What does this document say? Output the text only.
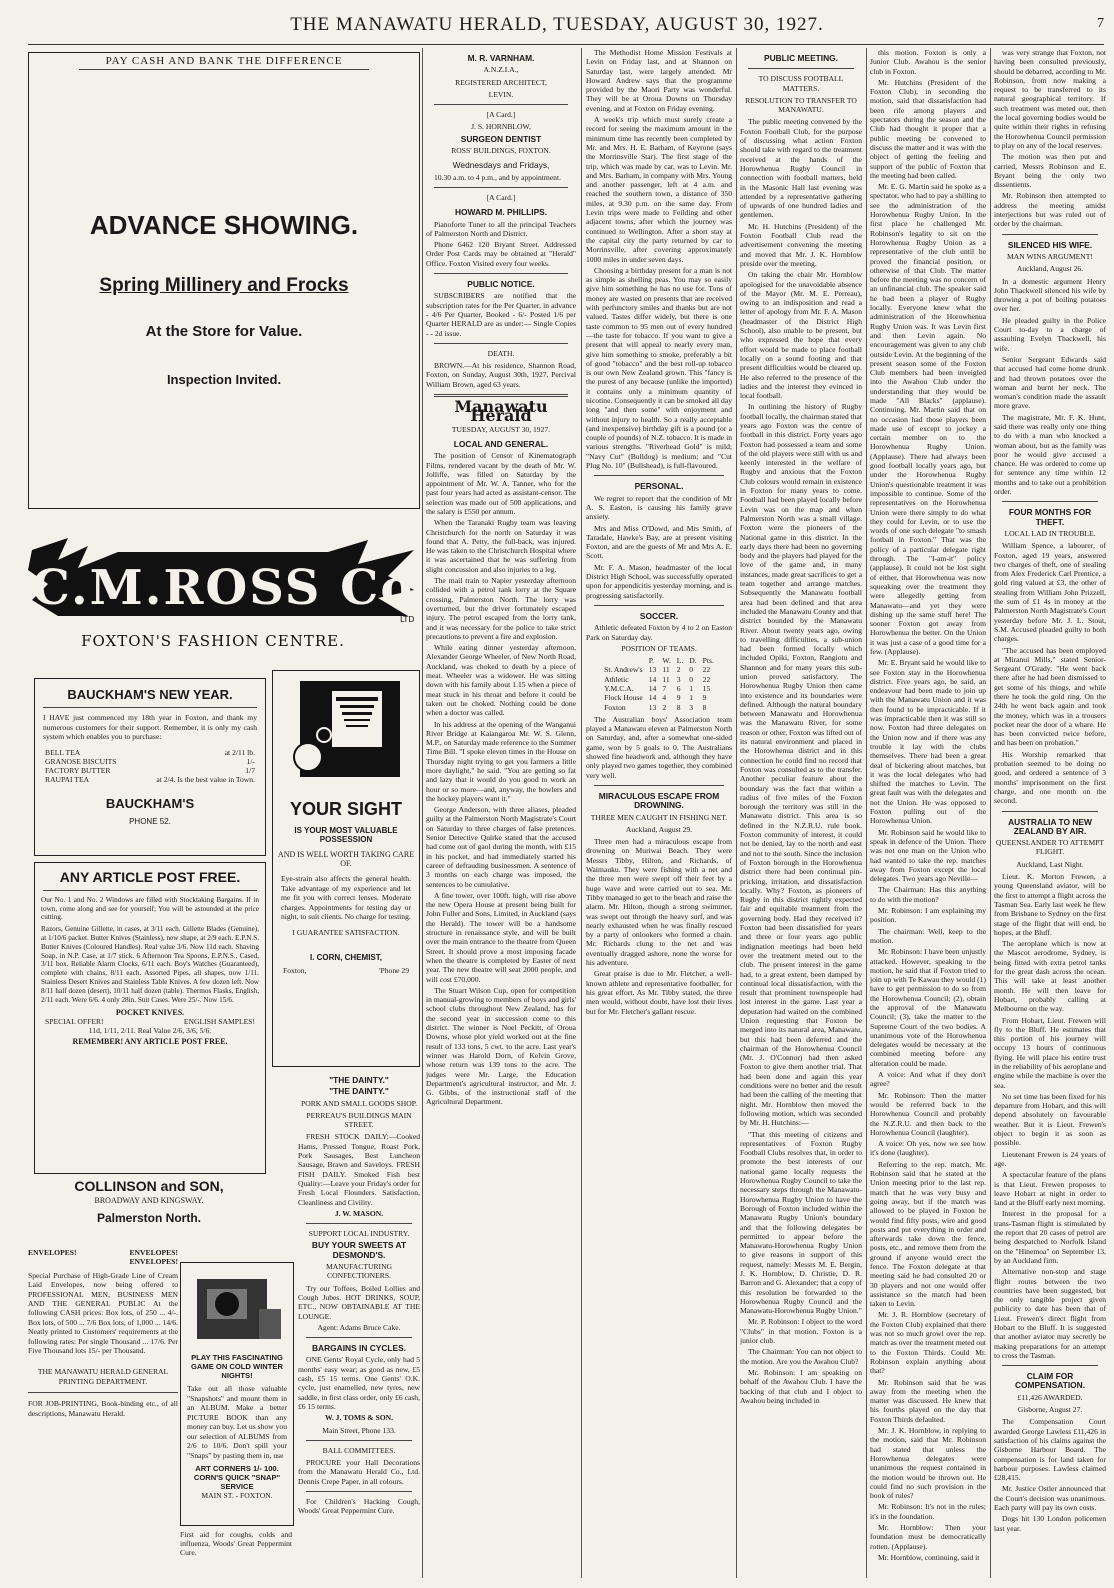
THE MANAWATU HERALD, TUESDAY, AUGUST 30, 1927.	7
PAY CASH AND BANK THE DIFFERENCE
ADVANCE SHOWING.
Spring Millinery and Frocks
At the Store for Value.
Inspection Invited.
C.M.ROSS Co
LTD
FOXTON'S FASHION CENTRE.
BAUCKHAM'S NEW YEAR.
I HAVE just commenced my 18th year in Foxton, and thank my numerous customers for their support. Remember, it is only my cash system which enables you to purchase:
BELL TEA	at 2/11 lb.
GRANOSE BISCUITS	1/-
FACTORY BUTTER	1/7
RAUPAI TEA	at 2/4. Is the best value in Town.
BAUCKHAM'S
PHONE 52.
ANY ARTICLE POST FREE.
Our No. 1 and No. 2 Windows are filled with Stocktaking Bargains. If in town, come along and see for yourself; You will be astounded at the price cutting.
Razors, Genuine Gillette, in cases, at 3/11 each. Gillette Blades (Genuine), at 1/10/6 packet. Butter Knives (Stainless), new shape, at 2/9 each. E.P.N.S. Butter Knives (Coloured Handles). Real value 3/6. Now 11d each. Shaving Soap, in N.P. Case, at 1/7 stick. 6 Afternoon Tea Spoons, E.P.N.S., Cased, 3/11 box. Reliable Alarm Clocks, 6/11 each. Boy's Watches (Guaranteed), complete with chains, 8/11 each. Assorted Pipes, all shapes, now 1/11. Stainless Desert Knives and Stainless Table Knives. A few dozen left. Now 8/11 half dozen (desert), 10/11 half dozen (table). Thermos Flasks, English, 2/11 each. Were 6/6. 4 only 28in. Suit Cases. Were 25/-. Now 15/6.
POCKET KNIVES.
SPECIAL OFFER!	ENGLISH SAMPLES!
11d, 1/11, 2/11. Real Value 2/6, 3/6, 5/6.
REMEMBER! ANY ARTICLE POST FREE.
COLLINSON and SON,
BROADWAY AND KINGSWAY.
Palmerston North.
ENVELOPES!	ENVELOPES!
ENVELOPES!
Special Purchase of High-Grade Line of Cream Laid Envelopes, now being offered to PROFESSIONAL MEN, BUSINESS MEN AND THE GENERAL PUBLIC At the following CASH prices: Box lots, of 250 ... 4/-. Box lots, of 500 ... 7/6 Box lots, of 1,000 ... 14/6. Neatly printed to Customers' requirements at the following rates: Per single Thousand ... 17/6. Per Five Thousand lots 15/- per Thousand.
THE MANAWATU HERALD GENERAL PRINTING DEPARTMENT.
FOR JOB-PRINTING, Book-binding etc., of all descriptions, Manawatu Herald.
YOUR SIGHT
IS YOUR MOST VALUABLE POSSESSION
AND IS WELL WORTH TAKING CARE OF.
Eye-strain also affects the general health. Take advantage of my experience and let me fit you with correct lenses. Moderate charges. Appointments for testing day or night, to suit clients. No charge for testing.
I GUARANTEE SATISFACTION.
I. CORN, CHEMIST,
Foxton,	'Phone 29
PLAY THIS FASCINATING GAME ON COLD WINTER NIGHTS!
Take out all those valuable "Snapshots" and mount them in an ALBUM. Make a better PICTURE BOOK than any money can buy. Let us show you our selection of ALBUMS from 2/6 to 10/6. Don't spill your "Snaps" by pasting them in, use
ART CORNERS 1/- 100.
CORN'S QUICK "SNAP" SERVICE
MAIN ST. - FOXTON.
First aid for coughs, colds and influenza, Woods' Great Peppermint Cure.
M. R. VARNHAM.
A.N.Z.I.A.,
REGISTERED ARCHITECT,
LEVIN.
[A Card.]
J. S. HORNBLOW,
SURGEON DENTIST
ROSS' BUILDINGS, FOXTON.
Wednesdays and Fridays,

10.30 a.m. to 4 p.m., and by appointment.

[A Card.]
HOWARD M. PHILLIPS.

Pianoforte Tuner to all the principal Teachers of Palmerston North and District.

Phone 6462 120 Bryant Street. Addressed Order Post Cards may be obtained at "Herald" Office. Foxton Visited every four weeks.

PUBLIC NOTICE.

SUBSCRIBERS are notified that the subscription rates for the Per Quarter, in advance - 4/6 Per Quarter, Booked - 6/- Posted 1/6 per Quarter HERALD are as under:— Single Copies - - 2d issue.

DEATH.

BROWN.—At his residence, Shannon Road, Foxton, on Sunday, August 30th, 1927, Percival William Brown, aged 63 years.

Manawatu Herald
TUESDAY, AUGUST 30, 1927.
LOCAL AND GENERAL.

The position of Censor of Kinematograph Films, rendered vacant by the death of Mr. W. Jolliffe, was filled on Saturday by the appointment of Mr. W. A. Tanner, who for the past four years had acted as assistant-censor. The selection was made out of 500 applications, and the salary is £550 per annum.

When the Taranaki Rugby team was leaving Christchurch for the north on Saturday it was found that A. Petty, the full-back, was injured. He was taken to the Christchurch Hospital where it was ascertained that he was suffering from slight concussion and also injuries to a leg.

The mail train to Napier yesterday afternoon collided with a petrol tank lorry at the Square crossing, Palmerston North. The lorry was overturned, but the driver fortunately escaped injury. The petrol escaped from the lorry tank, and it was necessary for the police to take strict precautions to prevent a fire and explosion.

While eating dinner yesterday afternoon, Alexander George Wheeler, of New North Road, Auckland, was choked to death by a piece of meat. Wheeler was a widower. He was sitting down with his family about 1.15 when a piece of meat stuck in his throat and before it could be taken out he choked. Nothing could be done when a doctor was called.

In his address at the opening of the Wanganui River Bridge at Kaiangaroa Mr. W. S. Glenn, M.P., on Saturday made reference to the Summer Time Bill. "I spoke eleven times in the House on Thursday night trying to get you farmers a little more daylight," he said. "You are getting so fat and lazy that it would do you good to work an hour or so more—and, anyway, the bowlers and the hockey players want it."

George Anderson, with three aliases, pleaded guilty at the Palmerston North Magistrate's Court on Saturday to three charges of false pretences. Senior Detective Quirke stated that the accused had come out of gaol during the month, with £15 in his pocket, and had immediately started his career of defrauding businessmen. A sentence of 3 months on each charge was imposed, the sentences to be cumulative.

A fine tower, over 100ft. high, will rise above the new Opera House at present being built for John Fuller and Sons, Limited, in Auckland (says the Herald). The tower will be a handsome structure in renaissance style, and will be built over the main entrance to the theatre from Queen Street. It should prove a most imposing facade when the theatre is completed by Easter of next year. The new theatre will seat 2000 people, and will cost £70,000.

The Stuart Wilson Cup, open for competition in manual-growing to members of boys and girls' school clubs throughout New Zealand, has for the second year in succession come to this district. The winner is Noel Peckitt, of Oroua Downs, whose plot yield worked out at the fine result of 133 tons, 5 cwt. to the acre. Last year's winner was Harold Dorn, of Kelvin Grove, whose return was 139 tons to the acre. The judges were Mr. Large, the Education Department's agricultural instructor, and Mr. J. G. Gibbs, of the instructional staff of the Agricultural Department.

"THE DAINTY."
"THE DAINTY."
PORK AND SMALL GOODS SHOP.
PERREAU'S BUILDINGS MAIN STREET.

FRESH STOCK DAILY:—Cooked Hams, Pressed Tongue, Roast Pork, Pork Sausages, Best Luncheon Sausage, Brawn and Saveloys. FRESH FISH DAILY. Smoked Fish best Quality:—Leave your Friday's order for Fresh Local Flounders. Satisfaction, Cleanliness and Civility.

J. W. MASON.
SUPPORT LOCAL INDUSTRY.
BUY YOUR SWEETS AT DESMOND'S.
MANUFACTURING CONFECTIONERS.

Try our Toffees, Boiled Lollies and Cough Jubes. HOT DRINKS, SOUP, ETC., NOW OBTAINABLE AT THE LOUNGE.

Agent: Adams Bruce Cake.
BARGAINS IN CYCLES.

ONE Gents' Royal Cycle, only had 5 months' easy wear; as good as new, £5 cash, £5 15 terms. One Gents' O.K. cycle, just enamelled, new tyres, new saddle, in first class order, only £6 cash, £6 15 terms.

W. J. TOMS & SON.
Main Street, Phone 133.
BALL COMMITTEES.

PROCURE your Hall Decorations from the Manawatu Herald Co., Ltd. Dennis Crepe Paper, in all colours.

For Children's Hacking Cough, Woods' Great Peppermint Cure.

The Methodist Home Mission Festivals at Levin on Friday last, and at Shannon on Saturday last, were largely attended. Mr Howard Andrew says that the programme provided by the Maori Party was wonderful. They will be at Oroua Downs on Thursday evening, and at Foxton on Friday evening.

A week's trip which must surely create a record for seeing the maximum amount in the minimum time has recently been completed by Mr. and Mrs. H. E. Barham, of Keyrone (says the Morrinsville Star). The first stage of the trip, which was made by car, was to Levin. Mr. and Mrs. Barham, in company with Mrs. Young and another passenger, left at 4 a.m. and reached the southern town, a distance of 350 miles, at 9.30 p.m. on the same day. From Levin trips were made to Feilding and other adjacent towns, after which the journey was continued to Wellington. After a short stay at the capital city the party returned by car to Morrinsville, after covering approximately 1000 miles in under seven days.

Choosing a birthday present for a man is not as simple as shelling peas. You may so easily give him something he has no use for. Tons of money are wasted on presents that are received with perfunctory smiles and thanks but are not valued. Tastes differ widely, but there is one taste common to 95 men out of every hundred—the taste for tobacco. If you want to give a present that will appeal to nearly every man, give him something to smoke, preferably a bit of good "tobacco" and the best roll-up tobacco is our own New Zealand grown. This "fancy is the purest of any because (unlike the imported) it contains only a minimum quantity of nicotine. Consequently it can be smoked all day long "and then some" with enjoyment and without injury to health. So a really acceptable (and inexpensive) birthday gift is a pound (or a couple of pounds) of N.Z. tobacco. It is made in various strengths. "Riverhead Gold" is mild; "Navy Cut" (Bulldog) is medium; and "Cut Plug No. 10" (Bullshead), is full-flavoured.

PERSONAL.

We regret to report that the condition of Mr A. S. Easton, is causing his family grave anxiety.

Mrs and Miss O'Dowd, and Mrs Smith, of Taradale, Hawke's Bay, are at present visiting Foxton, and are the guests of Mr and Mrs A. E. Scott.

Mr. F. A. Mason, headmaster of the local District High School, was successfully operated upon for appendicitis yesterday morning, and is progressing satisfactorily.

SOCCER.

Athletic defeated Foxton by 4 to 2 on Easton Park on Saturday day.

POSITION OF TEAMS.
	P.	W.	L.	D.	Pts.
St. Andrew's	13	11	2	0	22
Athletic	14	11	3	0	22
Y.M.C.A.	14	7	6	1	15
Flock House	14	4	9	1	9
Foxton	13	2	8	3	8

The Australian boys' Association team played a Manawatu eleven at Palmerston North on Saturday, and, after a somewhat one-sided game, won by 5 goals to 0. The Australians showed fine headwork and, although they have only played two games together, they combined very well.

MIRACULOUS ESCAPE FROM DROWNING.
THREE MEN CAUGHT IN FISHING NET.
Auckland, August 29.

Three men had a miraculous escape from drowning on Muriwai Beach. They were Messrs Tibby, Hilton, and Richards, of Waimauku. They were fishing with a net and the three men were swept off their feet by a huge wave and were carried out to sea. Mr. Tibby managed to get to the beach and raise the alarm. Mr. Hilton, though a strong swimmer, was swept out through the heavy surf, and was nearly exhausted when he was finally rescued by a party of onlookers who formed a chain. Mr. Richards clung to the net and was eventually dragged ashore, none the worse for his adventure.

Great praise is due to Mr. Fletcher, a well-known athlete and representative footballer, for his great effort. As Mr. Tibby stated, the three men would, without doubt, have lost their lives but for Mr. Fletcher's gallant rescue.

PUBLIC MEETING.
TO DISCUSS FOOTBALL MATTERS.
RESOLUTION TO TRANSFER TO MANAWATU.

The public meeting convened by the Foxton Football Club, for the purpose of discussing what action Foxton should take with regard to the treatment received at the hands of the Horowhenua Rugby Council in connection with football matters, held in the Masonic Hall last evening was attended by a representative gathering of upwards of one hundred ladies and gentlemen.

Mr. H. Hutchins (President) of the Foxton Football Club read the advertisement convening the meeting and moved that Mr. J. K. Hornblow preside over the meeting.

On taking the chair Mr. Hornblow apologised for the unavoidable absence of the Mayor (Mr. M. E. Perreau), owing to an indisposition and read a letter of apology from Mr. F. A. Mason (headmaster of the District High School), also unable to be present, but who expressed the hope that every effort would be made to place football locally on a sound footing and that present difficulties would be cleared up. He also referred to the presence of the ladies and the interest they evinced in local football.

In outlining the history of Rugby football locally, the chairman stated that years ago Foxton was the centre of football in this district. Forty years ago Foxton had possessed a team and some of the old players were still with us and keenly interested in the welfare of Rugby and anxious that the Foxton Club colours would remain in existence in Foxton for many years to come. Football had been played locally before Levin was on the map and when Palmerston North was a small village. Foxton were the pioneers of the National game in this district. In the early days there had been no governing body and the players had played for the love of the game and, in many instances, made great sacrifices to get a team together and arrange matches. Subsequently the Manawatu football area had been defined and that area included the Manawatu County and that district bounded by the Manawatu River. About twenty years ago, owing to travelling difficulties, a sub-union had been formed locally which included Opiki, Foxton, Rangiotu and Shannon and for many years this sub-union proved satisfactory. The Horowhenua Rugby Union then came into existence and its boundaries were defined. Although the natural boundary between Manawatu and Horowhenua was the Manawatu River, for some reason or other, Foxton was lifted out of its natural environment and placed in the Horowhenua district and in this connection he could find no record that Foxton was consulted as to the transfer. Another peculiar feature about the boundary was the fact that within a radius of five miles of the Foxton borough the territory was still in the Manawatu district. This area is so defined in the N.Z.R.U. rule book. Foxton community of interest, it could not be denied, lay to the north and east and not to the south. Since the inclusion of Foxton borough in the Horowhenua district there had been continual pin-pricking, irritation, and dissatisfaction locally. Why? Foxton, as pioneers of Rugby in this district rightly expected fair and equitable treatment from the governing body. Had they received it? Foxton had been dissatisfied for years and three or four years ago public indignation meetings had been held over the treatment meted out to the club. The present interest in the game had, to a great extent, been damped by continual local dissatisfaction, with the result that prominent townspeople had lost interest in the game. Last year a deputation had waited on the combined Union requesting that Foxton be merged into its natural area, Manawatu, but this had been deferred and the chairman of the Horowhenua Council (Mr. J. O'Connor) had then asked Foxton to give them another trial. That had been done and again this year conditions were no better and the result had been the calling of the meeting that night. Mr. Hornblow then moved the following motion, which was seconded by Mr. H. Hutchins:—

"That this meeting of citizens and representatives of Foxton Rugby Football Clubs resolves that, in order to promote the best interests of our national game locally requests the Horowhenua Rugby Council to take the necessary steps through the Manawatu-Horowhenua Rugby Union to have the Borough of Foxton included within the Manawatu Rugby Union's boundary and that the following delegates be permitted to appear before the Manawatu-Horowhenua Rugby Union to give reasons in support of this request, namely: Messrs M. E. Bergin, J. K. Hornblow, D. Christie, D. R. Barron and G. Alexander; that a copy of this resolution be forwarded to the Horowhenua Rugby Council and the Manawatu-Horowhenua Rugby Union."

Mr. P. Robinson: I object to the word "Clubs" in that motion. Foxton is a junior club.

The Chairman: You can not object to the motion. Are you the Awahou Club?

Mr. Robinson: I am speaking on behalf of the Awahou Club. I have the backing of that club and I object to Awahou being included in

this motion. Foxton is only a Junior Club. Awahou is the senior club in Foxton.

Mr. Hutchins (President of the Foxton Club), in seconding the motion, said that dissatisfaction had been rife among players and spectators during the season and the Club had thought it proper that a public meeting be convened to discuss the matter and it was with the object of getting the feeling and support of the public of Foxton that the meeting had been called.

Mr. E. G. Martin said he spoke as a spectator, who had to pay a shilling to see the administration of the Horowhenua Rugby Union. In the first place he challenged Mr. Robinson's legality to sit on the Horowhenua Rugby Union as a representative of the club until he proved the financial position, or otherwise of that Club. The matter before the meeting was no concern of an unfinancial club. The speaker said he had been a player of Rugby locally. Everyone knew what the administration of the Horowhenua Rugby Union was. It was Levin first and then Levin again. No encouragement was given to any club outside Levin. At the beginning of the present season some of the Foxton Club members had been inveigled into the Awahou Club under the understanding that they would be made "All Blacks" (applause). Continuing, Mr. Martin said that on no occasion had those players been made use of except to jockey a certain member on to the Horowhenua Rugby Union. (Applause). There had always been good football locally years ago, but under the Horowhenua Rugby Union's questionable treatment it was impossible to continue. Some of the representatives on the Horowhenua Union were there simply to do what they could for Levin, or to use the words of one such delegate "to smash football in Foxton." That was the policy of a particular delegate right through. The "I-am-it" policy (applause). It could not be lost sight of either, that Horowhenua was now squeaking over the treatment they were allegedly getting from Manawatu—and yet they were dishing up the same stuff here! The sooner Foxton got away from Horowhenua the better. On the Union it was just a case of a good time for a few. (Applause).

Mr. E. Bryant said he would like to see Foxton stay in the Horowhenua district. Five years ago, he said, an endeavour had been made to join up with the Manawatu Union and it was then found to be impracticable. If it was impracticable then it was still so now. Foxton had three delegates on the Union now and if there was any trouble it lay with the clubs themselves. There had been a great deal of bickering about matches, but it was the local delegates who had shifted the matches to Levin. The great fault was with the delegates and not the Union. He was opposed to Foxton pulling out of the Horowhenua Union.

Mr. Robinson said he would like to speak in defence of the Union. There was not one man on the Union who had wanted to take the rep. matches away from Foxton except the local delegates. Two years ago Neville—

The Chairman: Has this anything to do with the motion?

Mr. Robinson: I am explaining my position.

The chairman: Well, keep to the motion.

Mr. Robinson: I have been unjustly attacked. However, speaking to the motion, he said that if Foxton tried to join up with Te Kawau they would (1) have to get permission to do so from the Horowhenua Council; (2), obtain the approval of the Manawatu Council; (3), take the matter to the Supreme Court of the two bodies. A unanimous vote of the Horowhenua delegates would be necessary at the combined meeting before any alteration could be made.

A voice: And what if they don't agree?

Mr. Robinson: Then the matter would be referred back to the Horowhenua Council and probably the N.Z.R.U. and then back to the Horowhenua Council (laughter).

A voice: Oh yes, now we see how it's done (laughter).

Referring to the rep. match, Mr. Robinson said that he stated at the Union meeting prior to the last rep. match that he was very busy and going away, but if the match was allowed to be played in Foxton he would find fifty posts, wire and good posts and put everything in order and afterwards take down the fence, posts, etc., and remove them from the ground if anyone would erect the fence. The Foxton delegate at that meeting said he had consulted 20 or 30 players and not one would offer assistance so the match had been taken to Levin.

Mr. J. R. Hornblow (secretary of the Foxton Club) explained that there was not so much growl over the rep. match as over the treatment meted out to the Foxton Thirds. Could Mr. Robinson explain anything about that?

Mr. Robinson said that he was away from the meeting when the matter was discussed. He knew that his fourths played on the day that Foxton Thirds defaulted.

Mr. J. K. Hornblow, in replying to the motion, said that Mr. Robinson had stated that unless the Horowhenua delegates were unanimous the request contained in the motion would be thrown out. He could find no such provision in the book of rules?

Mr. Robinson: It's not in the rules; it's in the foundation.

Mr. Hornblow: Then your foundation must be democratically rotten. (Applause).

Mr. Hornblow, continuing, said it

was very strange that Foxton, not having been consulted previously, should be debarred, according to Mr. Robinson, from now making a request to be transferred to its natural geographical territory. If such treatment was meted out, then the local governing bodies would be quite within their rights in refusing the Horowhenua Council permission to play on any of the local reserves.

The motion was then put and carried, Messrs Robinson and E. Bryant being the only two dissentients.

Mr. Robinson then attempted to address the meeting amidst interjections but was ruled out of order by the chairman.

SILENCED HIS WIFE.
MAN WINS ARGUMENT!
Auckland, August 26.

In a domestic argument Henry John Thackwell silenced his wife by throwing a pot of boiling potatoes over her.

He pleaded guilty in the Police Court to-day to a charge of assaulting Evelyn Thackwell, his wife.

Senior Sergeant Edwards said that accused had come home drunk and had thrown potatoes over the woman and burnt her neck. The woman's condition made the assault more grave.

The magistrate, Mr. F. K. Hunt, said there was really only one thing to do with a man who knocked a woman about, but as the family was poor he would give accused a chance. He was ordered to come up for sentence any time within 12 months and to take out a prohibition order.

FOUR MONTHS FOR THEFT.
LOCAL LAD IN TROUBLE.

William Spence, a labourer, of Foxton, aged 19 years, answered two charges of theft, one of stealing from Alex Frederick Carl Prentice, a gold ring valued at £3, the other of stealing from William John Prizzell, the sum of £1 4s in money at the Palmerston North Magistrate's Court yesterday before Mr. J. L. Stout, S.M. Accused pleaded guilty to both charges.

"The accused has been employed at Miranui Mills," stated Senior-Sergeant O'Grady. "He went back there after he had been dismissed to get some of his things, and while there he took the gold ring. On the 24th he went back again and took the money, which was in a trousers pocket near the door of a whare. He has been convicted twice before, and has been on probation."

His Worship remarked that probation seemed to be doing no good, and ordered a sentence of 3 months' imprisonment on the first charge, and one month on the second.

AUSTRALIA TO NEW ZEALAND BY AIR.
QUEENSLANDER TO ATTEMPT FLIGHT.
Auckland, Last Night.

Lieut. K. Morton Frewen, a young Queensland aviator, will be the first to attempt a flight across the Tasman Sea. Early last week he flew from Brisbane to Sydney on the first stage of the flight that will end, he hopes, at the Bluff.

The aeroplane which is now at the Mascot aerodrome, Sydney, is being fitted with extra petrol tanks for the great dash across the ocean. This will take at least another month. He will then leave for Hobart, probably calling at Melbourne on the way.

From Hobart, Lieut. Frewen will fly to the Bluff. He estimates that this portion of his journey will occupy 13 hours of continuous flying. He will place his entire trust in the reliability of his aeroplane and engine while the machine is over the sea.

No set time has been fixed for his departure from Hobart, and this will depend absolutely on favourable weather. But it is Lieut. Frewen's object to begin it as soon as possible.

Lieutenant Frewen is 24 years of age.

A spectacular feature of the plans is that Lieut. Frewen proposes to leave Hobart at night in order to land at the Bluff early next morning.

Interest in the proposal for a trans-Tasman flight is stimulated by the report that 20 cases of petrol are being despatched to Norfolk Island on the "Hinemoa" on September 13, by an Auckland firm.

Alternative non-stop and stage flight routes between the two countries have been suggested, but the only tangible project given publicity to date has been that of Lieut. Frewen's direct flight from Hobart to the Bluff. It is suggested that another aviator may secretly be making preparations for an attempt to cross the Tasman.

CLAIM FOR COMPENSATION.
£11,426 AWARDED.
Gisborne, August 27.

The Compensation Court awarded George Lawless £11,426 in satisfaction of his claims against the Gisborne Harbour Board. The compensation is for land taken for harbour purposes. Lawless claimed £28,415.

Mr. Justice Ostler announced that the Court's decision was unanimous. Each party will pay its own costs.

Dogs hit 130 London policemen last year.
